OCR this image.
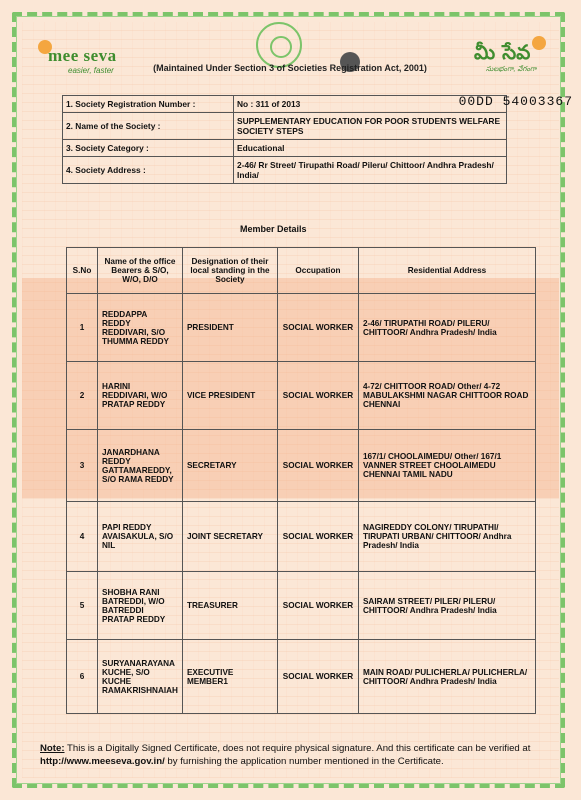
mee seva
easier, faster
మీ సేవ
సులభంగా, వేగంగా
(Maintained Under Section 3 of Societies Registration Act, 2001)
1. Society Registration Number :	No : 311 of 2013 00DD 54003367

2. Name of the Society :	SUPPLEMENTARY EDUCATION FOR POOR STUDENTS WELFARE SOCIETY STEPS
3. Society Category :	Educational
4. Society Address :	2-46/ Rr Street/ Tirupathi Road/ Pileru/ Chittoor/ Andhra Pradesh/ India/
Member Details
S.No	Name of the office Bearers & S/O, W/O, D/O	Designation of their local standing in the Society	Occupation	Residential Address
1	REDDAPPA REDDY REDDIVARI, S/O THUMMA REDDY	PRESIDENT	SOCIAL WORKER	2-46/ TIRUPATHI ROAD/ PILERU/ CHITTOOR/ Andhra Pradesh/ India
2	HARINI REDDIVARI, W/O PRATAP REDDY	VICE PRESIDENT	SOCIAL WORKER	4-72/ CHITTOOR ROAD/ Other/ 4-72 MABULAKSHMI NAGAR CHITTOOR ROAD CHENNAI
3	JANARDHANA REDDY GATTAMAREDDY, S/O RAMA REDDY	SECRETARY	SOCIAL WORKER	167/1/ CHOOLAIMEDU/ Other/ 167/1 VANNER STREET CHOOLAIMEDU CHENNAI TAMIL NADU
4	PAPI REDDY AVAISAKULA, S/O NIL	JOINT SECRETARY	SOCIAL WORKER	NAGIREDDY COLONY/ TIRUPATHI/ TIRUPATI URBAN/ CHITTOOR/ Andhra Pradesh/ India
5	SHOBHA RANI BATREDDI, W/O BATREDDI PRATAP REDDY	TREASURER	SOCIAL WORKER	SAIRAM STREET/ PILER/ PILERU/ CHITTOOR/ Andhra Pradesh/ India
6	SURYANARAYANA KUCHE, S/O KUCHE RAMAKRISHNAIAH	EXECUTIVE MEMBER1	SOCIAL WORKER	MAIN ROAD/ PULICHERLA/ PULICHERLA/ CHITTOOR/ Andhra Pradesh/ India
Note: This is a Digitally Signed Certificate, does not require physical signature. And this certificate can be verified at http://www.meeseva.gov.in/ by furnishing the application number mentioned in the Certificate.
